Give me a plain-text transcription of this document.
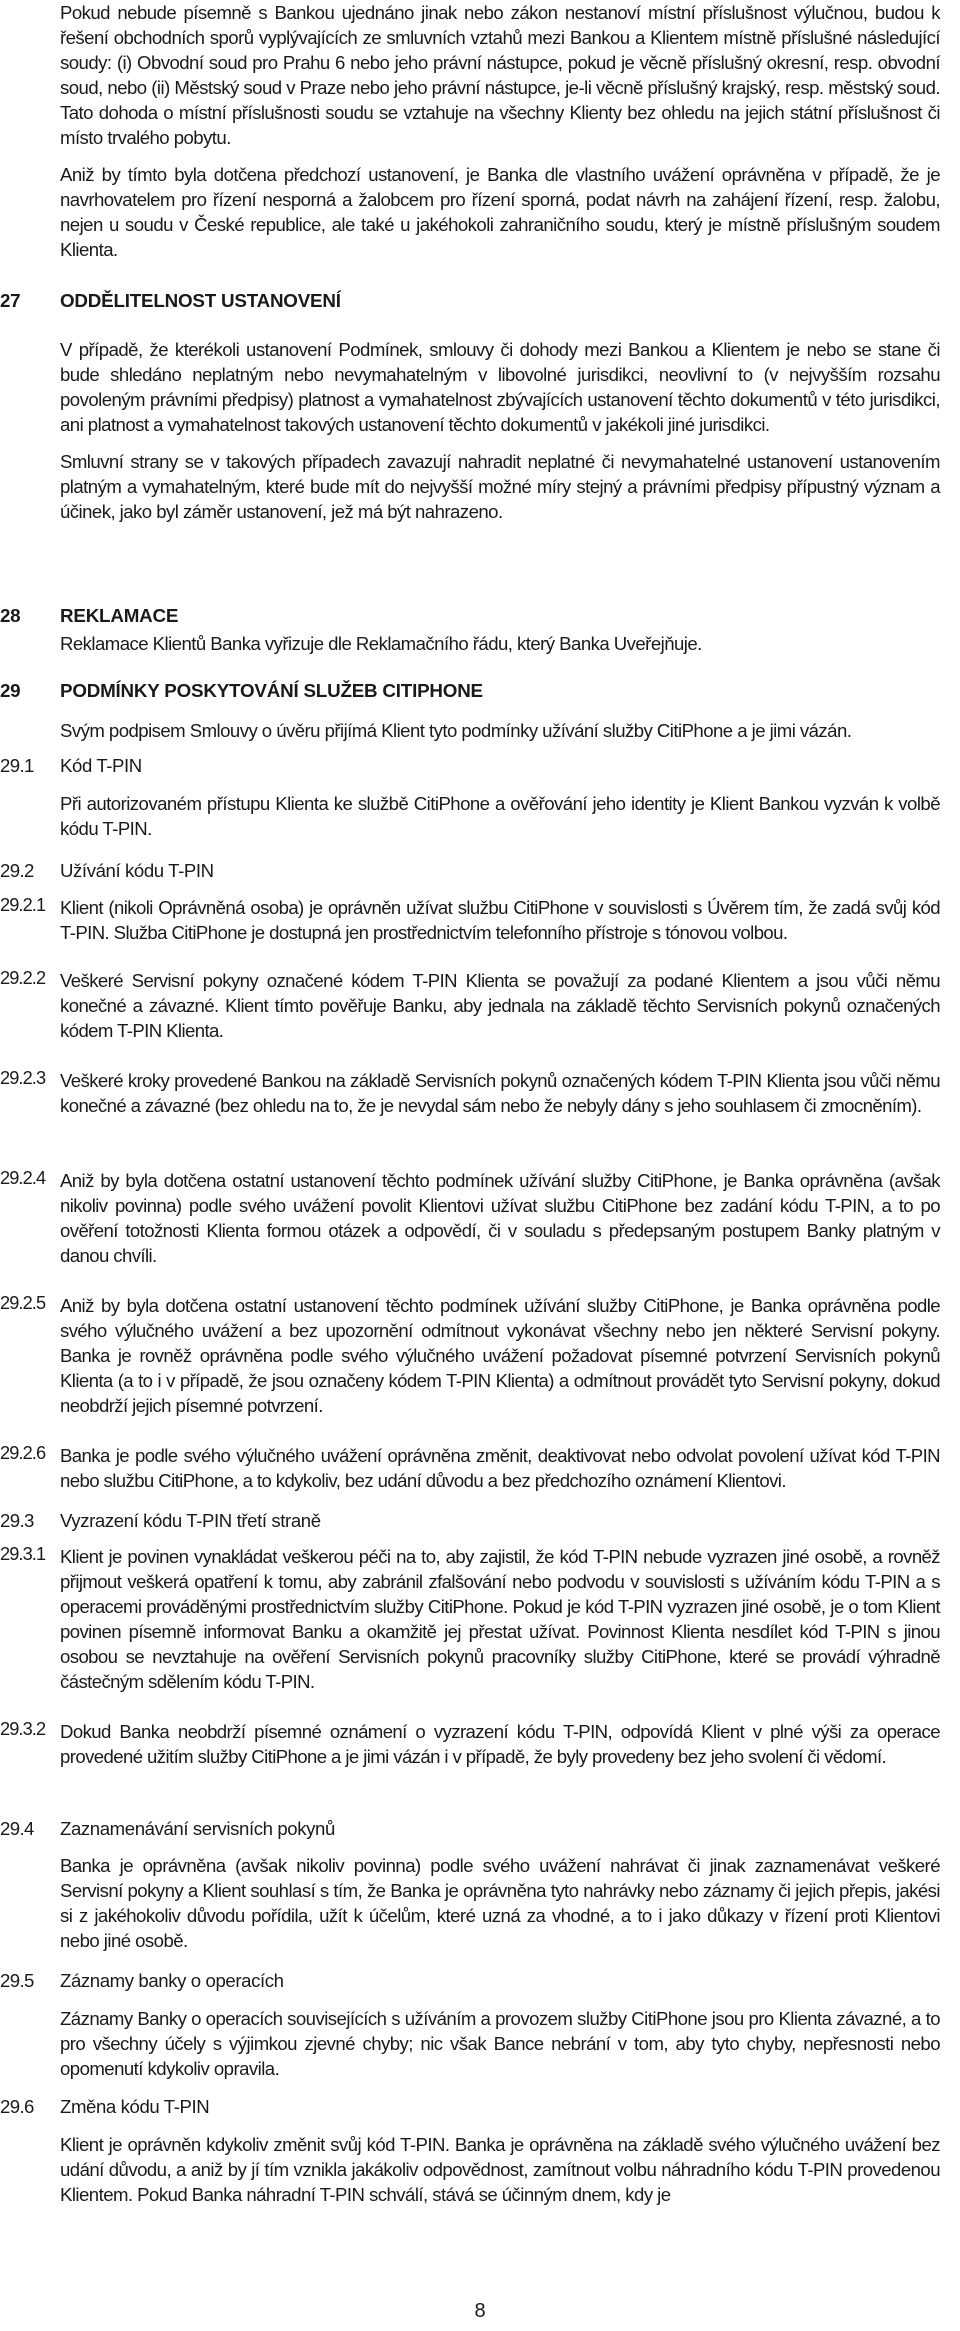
Pokud nebude písemně s Bankou ujednáno jinak nebo zákon nestanoví místní příslušnost výlučnou, budou k řešení obchodních sporů vyplývajících ze smluvních vztahů mezi Bankou a Klientem místně příslušné následující soudy: (i) Obvodní soud pro Prahu 6 nebo jeho právní nástupce, pokud je věcně příslušný okresní, resp. obvodní soud, nebo (ii) Městský soud v Praze nebo jeho právní nástupce, je-li věcně příslušný krajský, resp. městský soud. Tato dohoda o místní příslušnosti soudu se vztahuje na všechny Klienty bez ohledu na jejich státní příslušnost či místo trvalého pobytu.

Aniž by tímto byla dotčena předchozí ustanovení, je Banka dle vlastního uvážení oprávněna v případě, že je navrhovatelem pro řízení nesporná a žalobcem pro řízení sporná, podat návrh na zahájení řízení, resp. žalobu, nejen u soudu v České republice, ale také u jakéhokoli zahraničního soudu, který je místně příslušným soudem Klienta.

27 ODDĚLITELNOST USTANOVENÍ

V případě, že kterékoli ustanovení Podmínek, smlouvy či dohody mezi Bankou a Klientem je nebo se stane či bude shledáno neplatným nebo nevymahatelným v libovolné jurisdikci, neovlivní to (v nejvyšším rozsahu povoleným právními předpisy) platnost a vymahatelnost zbývajících ustanovení těchto dokumentů v této jurisdikci, ani platnost a vymahatelnost takových ustanovení těchto dokumentů v jakékoli jiné jurisdikci.

Smluvní strany se v takových případech zavazují nahradit neplatné či nevymahatelné ustanovení ustanovením platným a vymahatelným, které bude mít do nejvyšší možné míry stejný a právními předpisy přípustný význam a účinek, jako byl záměr ustanovení, jež má být nahrazeno.

28 REKLAMACE

Reklamace Klientů Banka vyřizuje dle Reklamačního řádu, který Banka Uveřejňuje.

29 PODMÍNKY POSKYTOVÁNÍ SLUŽEB CITIPHONE

Svým podpisem Smlouvy o úvěru přijímá Klient tyto podmínky užívání služby CitiPhone a je jimi vázán.

29.1 Kód T-PIN

Při autorizovaném přístupu Klienta ke službě CitiPhone a ověřování jeho identity je Klient Bankou vyzván k volbě kódu T-PIN.

29.2 Užívání kódu T-PIN
29.2.1 Klient (nikoli Oprávněná osoba) je oprávněn užívat službu CitiPhone v souvislosti s Úvěrem tím, že zadá svůj kód T-PIN. Služba CitiPhone je dostupná jen prostřednictvím telefonního přístroje s tónovou volbou.
29.2.2 Veškeré Servisní pokyny označené kódem T-PIN Klienta se považují za podané Klientem a jsou vůči němu konečné a závazné. Klient tímto pověřuje Banku, aby jednala na základě těchto Servisních pokynů označených kódem T-PIN Klienta.
29.2.3 Veškeré kroky provedené Bankou na základě Servisních pokynů označených kódem T-PIN Klienta jsou vůči němu konečné a závazné (bez ohledu na to, že je nevydal sám nebo že nebyly dány s jeho souhlasem či zmocněním).
29.2.4 Aniž by byla dotčena ostatní ustanovení těchto podmínek užívání služby CitiPhone, je Banka oprávněna (avšak nikoliv povinna) podle svého uvážení povolit Klientovi užívat službu CitiPhone bez zadání kódu T-PIN, a to po ověření totožnosti Klienta formou otázek a odpovědí, či v souladu s předepsaným postupem Banky platným v danou chvíli.
29.2.5 Aniž by byla dotčena ostatní ustanovení těchto podmínek užívání služby CitiPhone, je Banka oprávněna podle svého výlučného uvážení a bez upozornění odmítnout vykonávat všechny nebo jen některé Servisní pokyny. Banka je rovněž oprávněna podle svého výlučného uvážení požadovat písemné potvrzení Servisních pokynů Klienta (a to i v případě, že jsou označeny kódem T-PIN Klienta) a odmítnout provádět tyto Servisní pokyny, dokud neobdrží jejich písemné potvrzení.
29.2.6 Banka je podle svého výlučného uvážení oprávněna změnit, deaktivovat nebo odvolat povolení užívat kód T-PIN nebo službu CitiPhone, a to kdykoliv, bez udání důvodu a bez předchozího oznámení Klientovi.
29.3 Vyzrazení kódu T-PIN třetí straně
29.3.1 Klient je povinen vynakládat veškerou péči na to, aby zajistil, že kód T-PIN nebude vyzrazen jiné osobě, a rovněž přijmout veškerá opatření k tomu, aby zabránil zfalšování nebo podvodu v souvislosti s užíváním kódu T-PIN a s operacemi prováděnými prostřednictvím služby CitiPhone. Pokud je kód T-PIN vyzrazen jiné osobě, je o tom Klient povinen písemně informovat Banku a okamžitě jej přestat užívat. Povinnost Klienta nesdílet kód T-PIN s jinou osobou se nevztahuje na ověření Servisních pokynů pracovníky služby CitiPhone, které se provádí výhradně částečným sdělením kódu T-PIN.
29.3.2 Dokud Banka neobdrží písemné oznámení o vyzrazení kódu T-PIN, odpovídá Klient v plné výši za operace provedené užitím služby CitiPhone a je jimi vázán i v případě, že byly provedeny bez jeho svolení či vědomí.
29.4 Zaznamenávání servisních pokynů

Banka je oprávněna (avšak nikoliv povinna) podle svého uvážení nahrávat či jinak zaznamenávat veškeré Servisní pokyny a Klient souhlasí s tím, že Banka je oprávněna tyto nahrávky nebo záznamy či jejich přepis, jakési si z jakéhokoliv důvodu pořídila, užít k účelům, které uzná za vhodné, a to i jako důkazy v řízení proti Klientovi nebo jiné osobě.

29.5 Záznamy banky o operacích

Záznamy Banky o operacích souvisejících s užíváním a provozem služby CitiPhone jsou pro Klienta závazné, a to pro všechny účely s výjimkou zjevné chyby; nic však Bance nebrání v tom, aby tyto chyby, nepřesnosti nebo opomenutí kdykoliv opravila.

29.6 Změna kódu T-PIN

Klient je oprávněn kdykoliv změnit svůj kód T-PIN. Banka je oprávněna na základě svého výlučného uvážení bez udání důvodu, a aniž by jí tím vznikla jakákoliv odpovědnost, zamítnout volbu náhradního kódu T-PIN provedenou Klientem. Pokud Banka náhradní T-PIN schválí, stává se účinným dnem, kdy je

8
